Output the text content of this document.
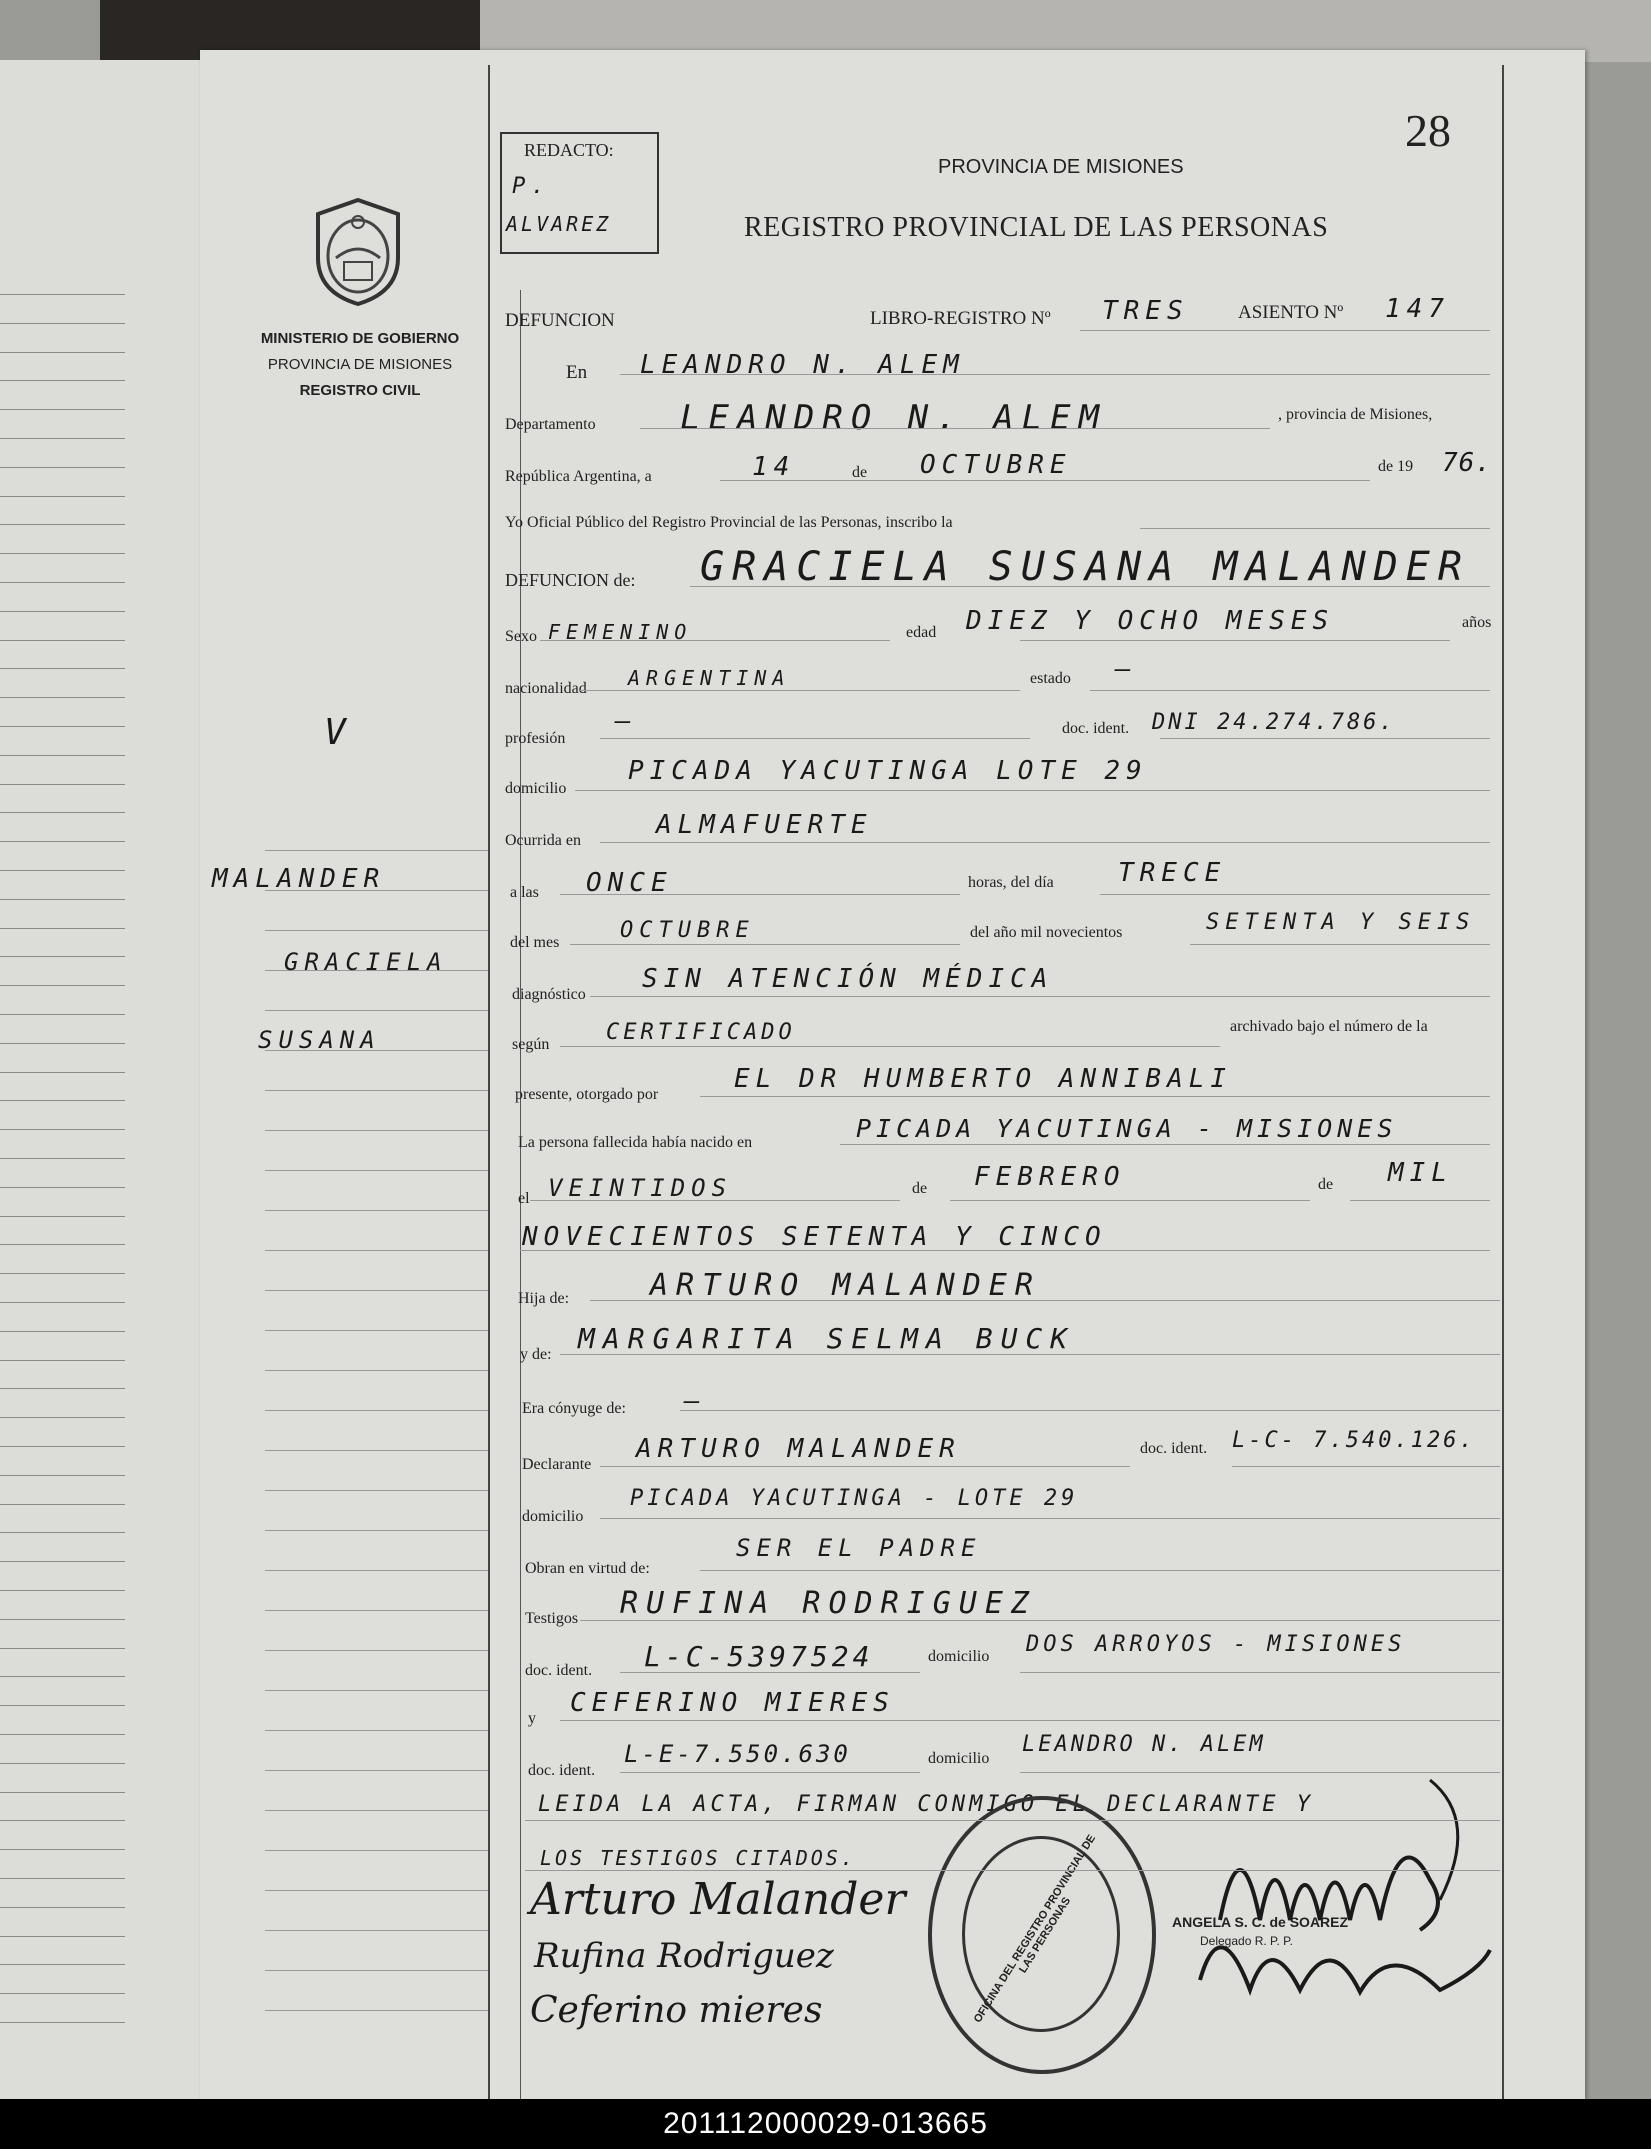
28
REDACTO:
P.
ALVAREZ
PROVINCIA DE MISIONES
REGISTRO PROVINCIAL DE LAS PERSONAS
MINISTERIO DE GOBIERNO
PROVINCIA DE MISIONES
REGISTRO CIVIL
V
MALANDER
GRACIELA
SUSANA
DEFUNCION	LIBRO-REGISTRO Nº TRES	ASIENTO Nº 147
En LEANDRO N. ALEM
Departamento LEANDRO N. ALEM	, provincia de Misiones,
República Argentina, a	14	de OCTUBRE	de 19 76.
Yo Oficial Público del Registro Provincial de las Personas, inscribo la
DEFUNCION de: GRACIELA SUSANA MALANDER
Sexo FEMENINO	edad DIEZ Y OCHO MESES	años
nacionalidad ARGENTINA	estado —
profesión
—	doc. ident. DNI 24.274.786.
domicilio
PICADA YACUTINGA LOTE 29
Ocurrida en
ALMAFUERTE
a las ONCE	horas, del día TRECE
del mes	OCTUBRE	del año mil novecientos	SETENTA Y SEIS
diagnóstico
SIN ATENCIÓN MÉDICA
según	CERTIFICADO	archivado bajo el número de la
presente, otorgado por
EL DR HUMBERTO ANNIBALI
La persona fallecida había nacido en	PICADA YACUTINGA - MISIONES
el VEINTIDOS	de FEBRERO	de MIL
NOVECIENTOS SETENTA Y CINCO
Hija de:	ARTURO MALANDER
y de: MARGARITA SELMA BUCK
Era cónyuge de: —
Declarante
ARTURO MALANDER	doc. ident. L-C- 7.540.126.
domicilio
PICADA YACUTINGA - LOTE 29
Obran en virtud de:
SER EL PADRE
Testigos RUFINA RODRIGUEZ
doc. ident. L-C-5397524	domicilio DOS ARROYOS - MISIONES
y
CEFERINO MIERES
doc. ident.
L-E-7.550.630	domicilio
LEANDRO N. ALEM
LEIDA LA ACTA, FIRMAN CONMIGO EL DECLARANTE Y
LOS TESTIGOS CITADOS.
Arturo Malander
Rufina Rodriguez
Ceferino mieres	OFICINA DEL REGISTRO PROVINCIAL DE LAS PERSONAS	ANGELA S. C. de SOAREZ
Delegado R. P. P.
201112000029-013665
